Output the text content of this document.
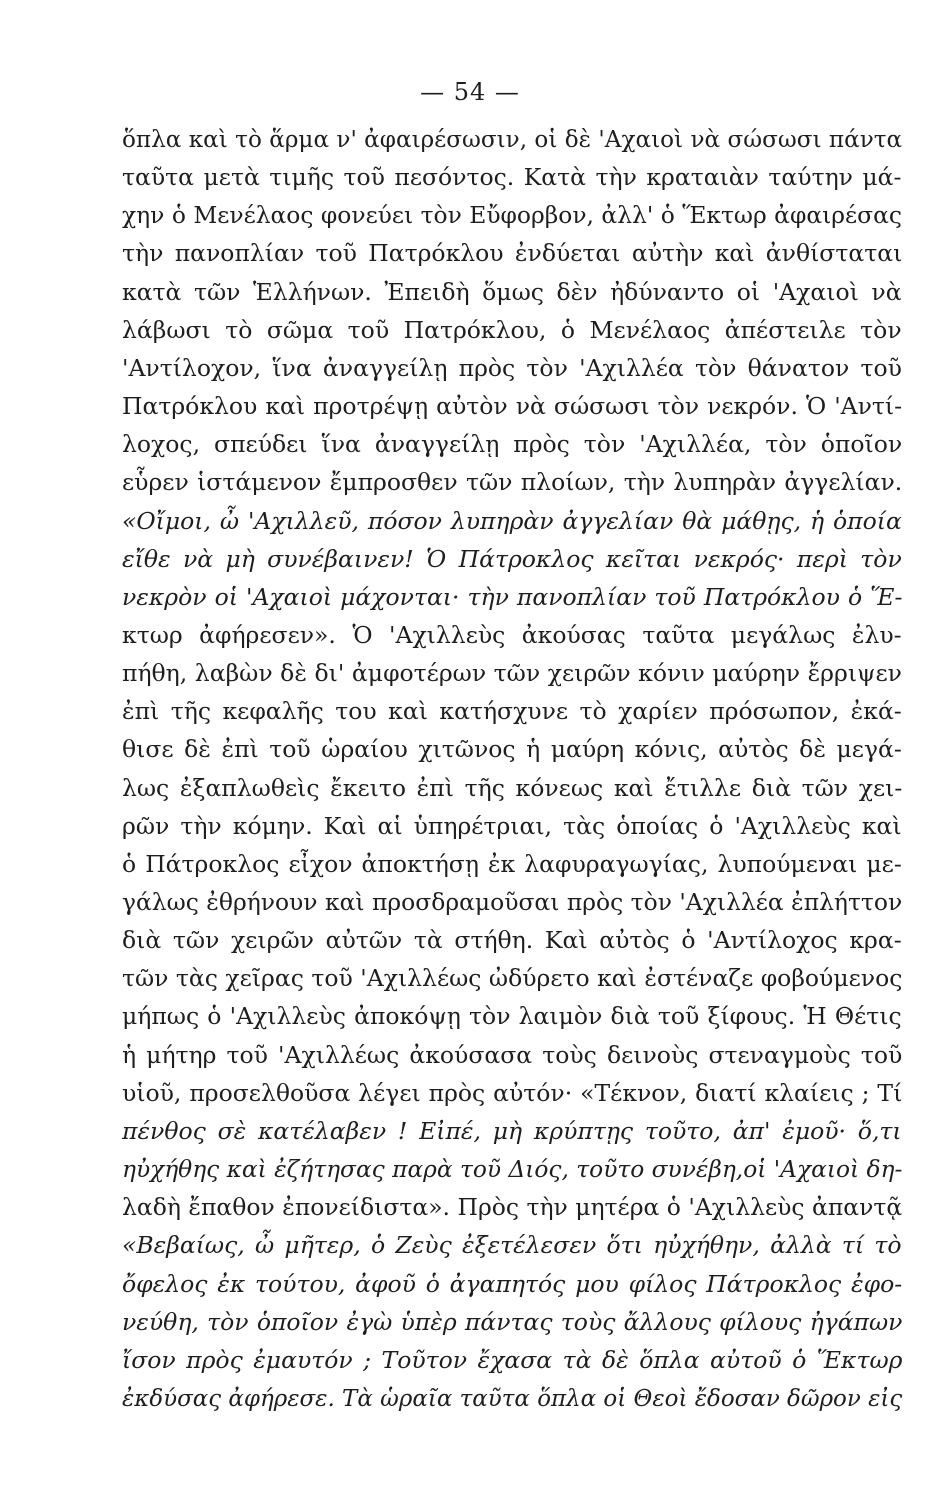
— 54 —
ὅπλα καὶ τὸ ἅρμα ν' ἀφαιρέσωσιν, οἱ δὲ 'Αχαιοὶ νὰ σώσωσι πάντα
ταῦτα μετὰ τιμῆς τοῦ πεσόντος. Κατὰ τὴν κραταιὰν ταύτην μά-
χην ὁ Μενέλαος φονεύει τὸν Εὔφορβον, ἀλλ' ὁ Ἕκτωρ ἀφαιρέσας
τὴν πανοπλίαν τοῦ Πατρόκλου ἐνδύεται αὐτὴν καὶ ἀνθίσταται
κατὰ τῶν Ἑλλήνων. Ἐπειδὴ ὅμως δὲν ἠδύναντο οἱ 'Αχαιοὶ νὰ
λάβωσι τὸ σῶμα τοῦ Πατρόκλου, ὁ Μενέλαος ἀπέστειλε τὸν
'Αντίλοχον, ἵνα ἀναγγείλῃ πρὸς τὸν 'Αχιλλέα τὸν θάνατον τοῦ
Πατρόκλου καὶ προτρέψῃ αὐτὸν νὰ σώσωσι τὸν νεκρόν. Ὁ 'Αντί-
λοχος, σπεύδει ἵνα ἀναγγείλῃ πρὸς τὸν 'Αχιλλέα, τὸν ὁποῖον
εὗρεν ἱστάμενον ἔμπροσθεν τῶν πλοίων, τὴν λυπηρὰν ἀγγελίαν.
«Οἴμοι, ὦ 'Αχιλλεῦ, πόσον λυπηρὰν ἀγγελίαν θὰ μάθῃς, ἡ ὁποία
εἴθε νὰ μὴ συνέβαινεν! Ὁ Πάτροκλος κεῖται νεκρός· περὶ τὸν
νεκρὸν οἱ 'Αχαιοὶ μάχονται· τὴν πανοπλίαν τοῦ Πατρόκλου ὁ Ἕ-
κτωρ ἀφήρεσεν». Ὁ 'Αχιλλεὺς ἀκούσας ταῦτα μεγάλως ἐλυ-
πήθη, λαβὼν δὲ δι' ἀμφοτέρων τῶν χειρῶν κόνιν μαύρην ἔρριψεν
ἐπὶ τῆς κεφαλῆς του καὶ κατήσχυνε τὸ χαρίεν πρόσωπον, ἐκά-
θισε δὲ ἐπὶ τοῦ ὡραίου χιτῶνος ἡ μαύρη κόνις, αὐτὸς δὲ μεγά-
λως ἐξαπλωθεὶς ἔκειτο ἐπὶ τῆς κόνεως καὶ ἔτιλλε διὰ τῶν χει-
ρῶν τὴν κόμην. Καὶ αἱ ὑπηρέτριαι, τὰς ὁποίας ὁ 'Αχιλλεὺς καὶ
ὁ Πάτροκλος εἶχον ἀποκτήσῃ ἐκ λαφυραγωγίας, λυπούμεναι με-
γάλως ἐθρήνουν καὶ προσδραμοῦσαι πρὸς τὸν 'Αχιλλέα ἐπλήττον
διὰ τῶν χειρῶν αὐτῶν τὰ στήθη. Καὶ αὐτὸς ὁ 'Αντίλοχος κρα-
τῶν τὰς χεῖρας τοῦ 'Αχιλλέως ὠδύρετο καὶ ἐστέναζε φοβούμενος
μήπως ὁ 'Αχιλλεὺς ἀποκόψῃ τὸν λαιμὸν διὰ τοῦ ξίφους. Ἡ Θέτις
ἡ μήτηρ τοῦ 'Αχιλλέως ἀκούσασα τοὺς δεινοὺς στεναγμοὺς τοῦ
υἱοῦ, προσελθοῦσα λέγει πρὸς αὐτόν· «Τέκνον, διατί κλαίεις ; Τί
πένθος σὲ κατέλαβεν ! Εἰπέ, μὴ κρύπτῃς τοῦτο, ἀπ' ἐμοῦ· ὅ,τι
ηὐχήθης καὶ ἐζήτησας παρὰ τοῦ Διός, τοῦτο συνέβη,οἱ 'Αχαιοὶ δη-
λαδὴ ἔπαθον ἐπονείδιστα». Πρὸς τὴν μητέρα ὁ 'Αχιλλεὺς ἀπαντᾷ
«Βεβαίως, ὦ μῆτερ, ὁ Ζεὺς ἐξετέλεσεν ὅτι ηὐχήθην, ἀλλὰ τί τὸ
ὄφελος ἐκ τούτου, ἀφοῦ ὁ ἀγαπητός μου φίλος Πάτροκλος ἐφο-
νεύθη, τὸν ὁποῖον ἐγὼ ὑπὲρ πάντας τοὺς ἄλλους φίλους ἠγάπων
ἴσον πρὸς ἐμαυτόν ; Τοῦτον ἔχασα τὰ δὲ ὅπλα αὐτοῦ ὁ Ἕκτωρ
ἐκδύσας ἀφήρεσε. Τὰ ὡραῖα ταῦτα ὅπλα οἱ Θεοὶ ἔδοσαν δῶρον εἰς
